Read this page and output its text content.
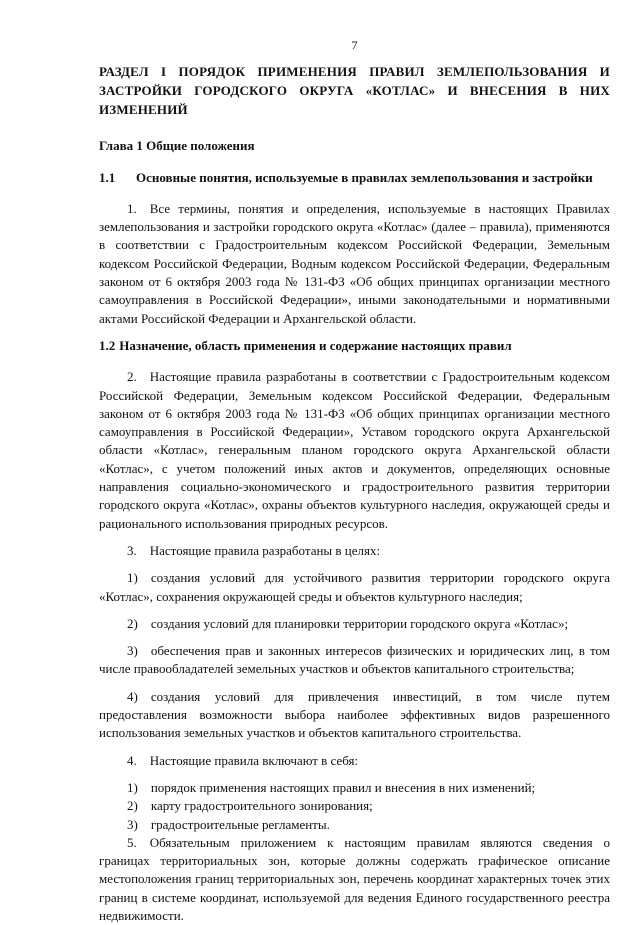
7
РАЗДЕЛ I ПОРЯДОК ПРИМЕНЕНИЯ ПРАВИЛ ЗЕМЛЕПОЛЬЗОВАНИЯ И ЗАСТРОЙКИ ГОРОДСКОГО ОКРУГА «КОТЛАС» И ВНЕСЕНИЯ В НИХ ИЗМЕНЕНИЙ
Глава 1 Общие положения
1.1	Основные понятия, используемые в правилах землепользования и застройки

1. Все термины, понятия и определения, используемые в настоящих Правилах землепользования и застройки городского округа «Котлас» (далее – правила), применяются в соответствии с Градостроительным кодексом Российской Федерации, Земельным кодексом Российской Федерации, Водным кодексом Российской Федерации, Федеральным законом от 6 октября 2003 года № 131-ФЗ «Об общих принципах организации местного самоуправления в Российской Федерации», иными законодательными и нормативными актами Российской Федерации и Архангельской области.

1.2 Назначение, область применения и содержание настоящих правил

2. Настоящие правила разработаны в соответствии с Градостроительным кодексом Российской Федерации, Земельным кодексом Российской Федерации, Федеральным законом от 6 октября 2003 года № 131-ФЗ «Об общих принципах организации местного самоуправления в Российской Федерации», Уставом городского округа Архангельской области «Котлас», генеральным планом городского округа Архангельской области «Котлас», с учетом положений иных актов и документов, определяющих основные направления социально-экономического и градостроительного развития территории городского округа «Котлас», охраны объектов культурного наследия, окружающей среды и рационального использования природных ресурсов.

3. Настоящие правила разработаны в целях:

1) создания условий для устойчивого развития территории городского округа «Котлас», сохранения окружающей среды и объектов культурного наследия;

2) создания условий для планировки территории городского округа «Котлас»;

3) обеспечения прав и законных интересов физических и юридических лиц, в том числе правообладателей земельных участков и объектов капитального строительства;

4) создания условий для привлечения инвестиций, в том числе путем предоставления возможности выбора наиболее эффективных видов разрешенного использования земельных участков и объектов капитального строительства.

4. Настоящие правила включают в себя:

1) порядок применения настоящих правил и внесения в них изменений;

2) карту градостроительного зонирования;

3) градостроительные регламенты.

5. Обязательным приложением к настоящим правилам являются сведения о границах территориальных зон, которые должны содержать графическое описание местоположения границ территориальных зон, перечень координат характерных точек этих границ в системе координат, используемой для ведения Единого государственного реестра недвижимости.
